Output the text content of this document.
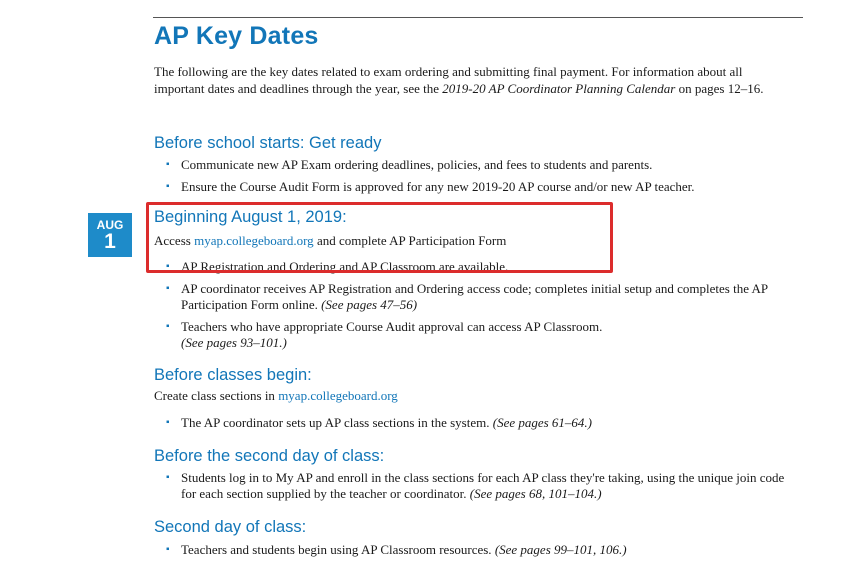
AP Key Dates

The following are the key dates related to exam ordering and submitting final payment. For information about all important dates and deadlines through the year, see the 2019-20 AP Coordinator Planning Calendar on pages 12–16.

Before school starts: Get ready
▪ Communicate new AP Exam ordering deadlines, policies, and fees to students and parents.
▪ Ensure the Course Audit Form is approved for any new 2019-20 AP course and/or new AP teacher.
AUG
1
Beginning August 1, 2019:

Access myap.collegeboard.org and complete AP Participation Form

▪ AP Registration and Ordering and AP Classroom are available.
▪ AP coordinator receives AP Registration and Ordering access code; completes initial setup and completes the AP Participation Form online. (See pages 47–56)
▪ Teachers who have appropriate Course Audit approval can access AP Classroom.
(See pages 93–101.)
Before classes begin:

Create class sections in myap.collegeboard.org

▪ The AP coordinator sets up AP class sections in the system. (See pages 61–64.)
Before the second day of class:
▪ Students log in to My AP and enroll in the class sections for each AP class they're taking, using the unique join code for each section supplied by the teacher or coordinator. (See pages 68, 101–104.)
Second day of class:
▪ Teachers and students begin using AP Classroom resources. (See pages 99–101, 106.)
